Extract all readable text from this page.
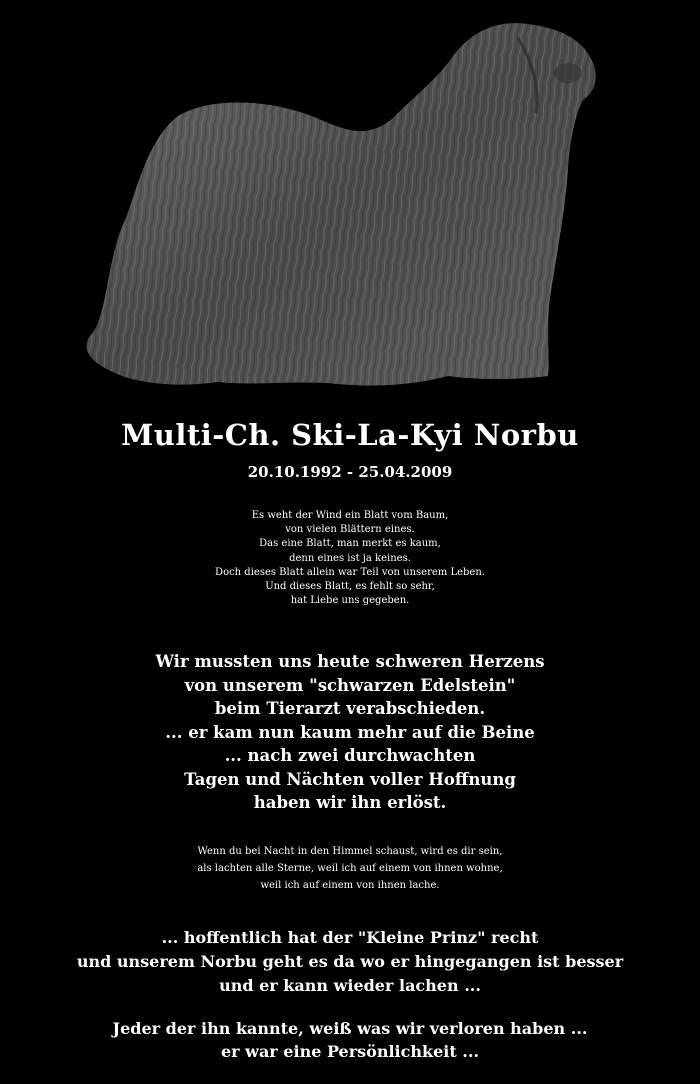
Multi-Ch. Ski-La-Kyi Norbu
20.10.1992 - 25.04.2009
Es weht der Wind ein Blatt vom Baum,
von vielen Blättern eines.
Das eine Blatt, man merkt es kaum,
denn eines ist ja keines.
Doch dieses Blatt allein war Teil von unserem Leben.
Und dieses Blatt, es fehlt so sehr,
hat Liebe uns gegeben.
Wir mussten uns heute schweren Herzens
von unserem "schwarzen Edelstein"
beim Tierarzt verabschieden.
... er kam nun kaum mehr auf die Beine
... nach zwei durchwachten
Tagen und Nächten voller Hoffnung
haben wir ihn erlöst.
Wenn du bei Nacht in den Himmel schaust, wird es dir sein,
als lachten alle Sterne, weil ich auf einem von ihnen wohne,
weil ich auf einem von ihnen lache.
... hoffentlich hat der "Kleine Prinz" recht
und unserem Norbu geht es da wo er hingegangen ist besser
und er kann wieder lachen ...
Jeder der ihn kannte, weiß was wir verloren haben ...
er war eine Persönlichkeit ...
